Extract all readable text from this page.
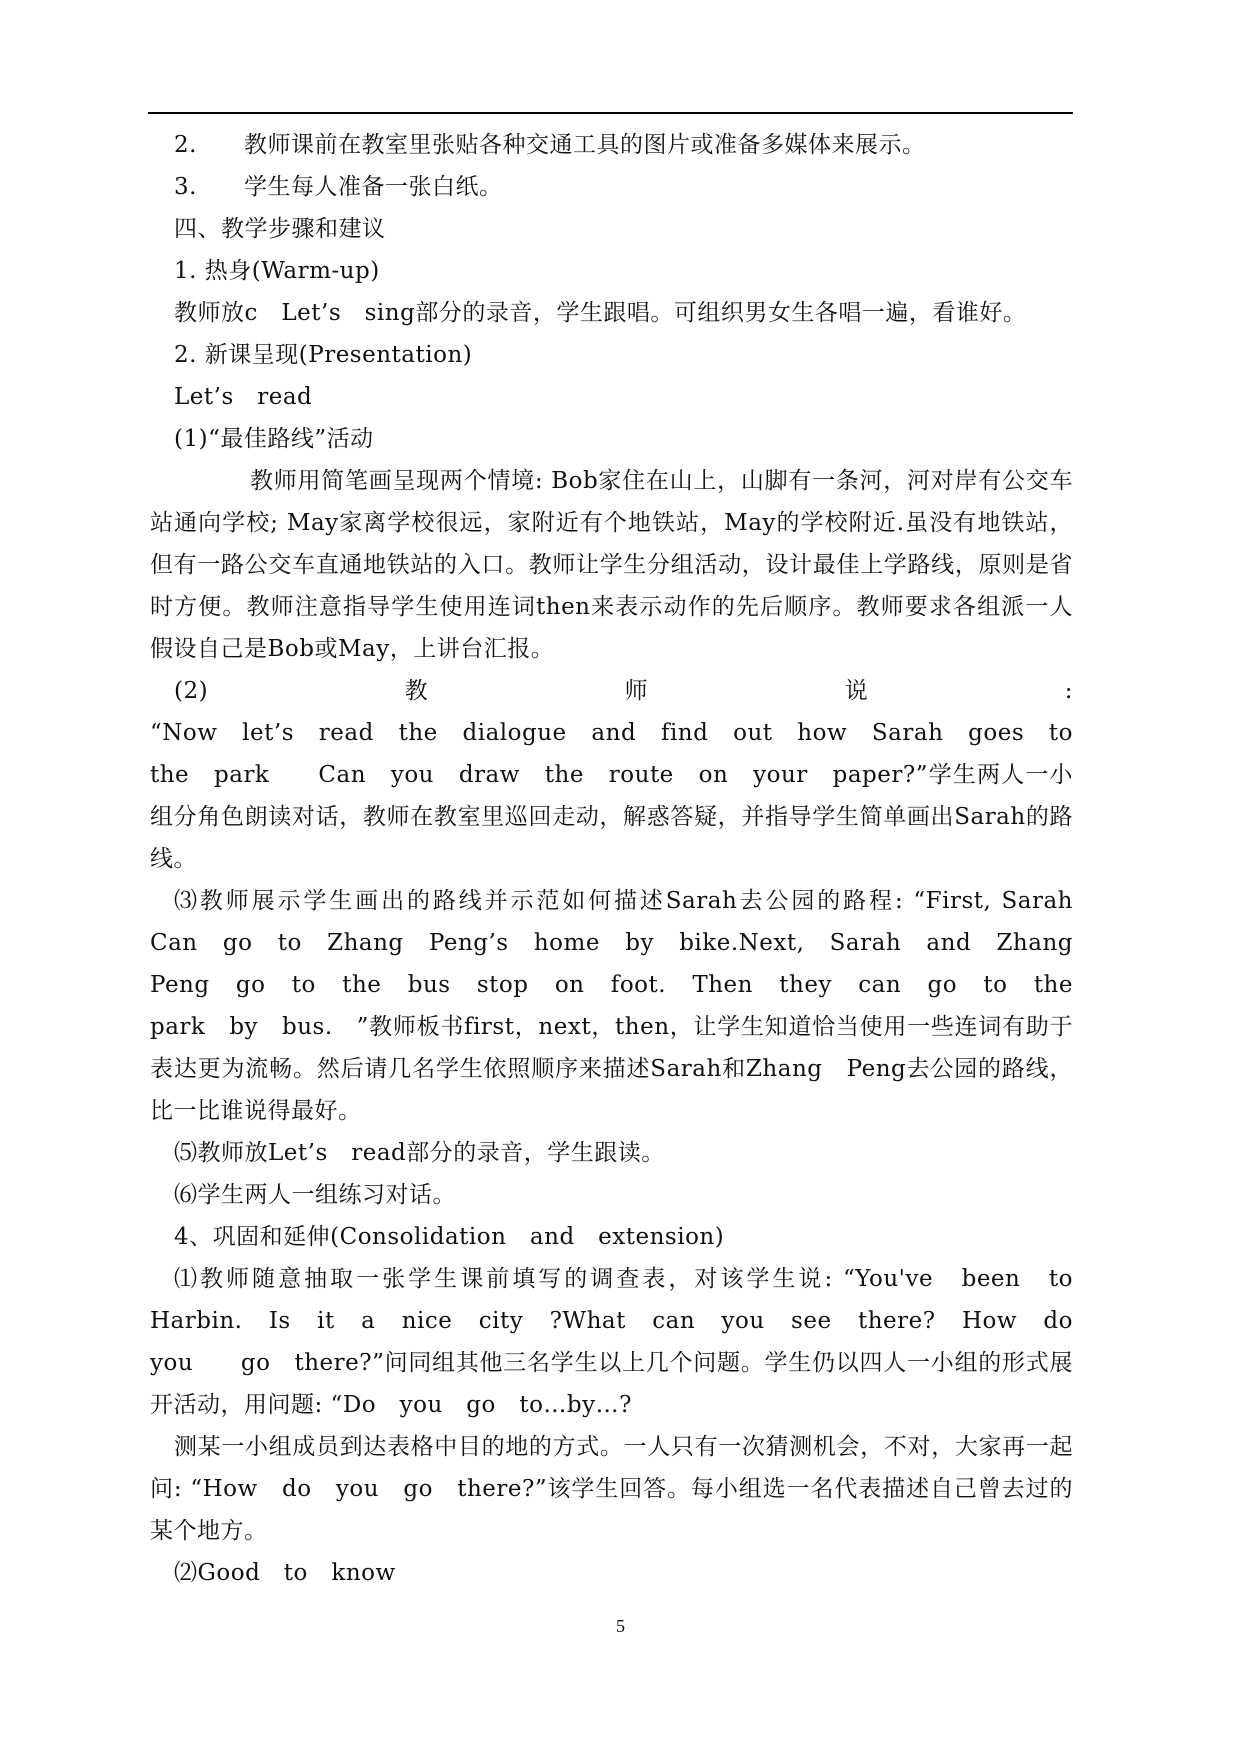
2.　　教师课前在教室里张贴各种交通工具的图片或准备多媒体来展示。

3.　　学生每人准备一张白纸。

四、教学步骤和建议

1. 热身(Warm-up)

教师放c　Let’s　sing部分的录音，学生跟唱。可组织男女生各唱一遍，看谁好。

2. 新课呈现(Presentation)

Let’s　read

(1)“最佳路线”活动

教师用简笔画呈现两个情境: Bob家住在山上，山脚有一条河，河对岸有公交车站通向学校; May家离学校很远，家附近有个地铁站，May的学校附近.虽没有地铁站，但有一路公交车直通地铁站的入口。教师让学生分组活动，设计最佳上学路线，原则是省时方便。教师注意指导学生使用连词then来表示动作的先后顺序。教师要求各组派一人假设自己是Bob或May，上讲台汇报。

(2)	教	师	说	:

“Now　let’s　read　the　dialogue　and　find　out　how　Sarah　goes　to　the　park　　Can　you　draw　the　route　on　your　paper?”学生两人一小组分角色朗读对话，教师在教室里巡回走动，解惑答疑，并指导学生简单画出Sarah的路线。

⑶教师展示学生画出的路线并示范如何描述Sarah去公园的路程: “First, Sarah　　Can　go　to　Zhang　Peng’s　home　by　bike.Next,　Sarah　and　Zhang　Peng　go　to　the　bus　stop　on　foot.　Then　they　can　go　to　the　　park　by　bus.　”教师板书first，next，then，让学生知道恰当使用一些连词有助于表达更为流畅。然后请几名学生依照顺序来描述Sarah和Zhang　Peng去公园的路线，比一比谁说得最好。

⑸教师放Let’s　read部分的录音，学生跟读。

⑹学生两人一组练习对话。

4、巩固和延伸(Consolidation　and　extension)

⑴教师随意抽取一张学生课前填写的调查表，对该学生说: “You've　been　to　Harbin.　Is　it　a　nice　city　?What　can　you　see　there?　How　do　you　　go　there?”问同组其他三名学生以上几个问题。学生仍以四人一小组的形式展开活动，用问题: “Do　you　go　to…by…?

测某一小组成员到达表格中目的地的方式。一人只有一次猜测机会，不对，大家再一起问: “How　do　you　go　there?”该学生回答。每小组选一名代表描述自己曾去过的某个地方。

⑵Good　to　know

5
